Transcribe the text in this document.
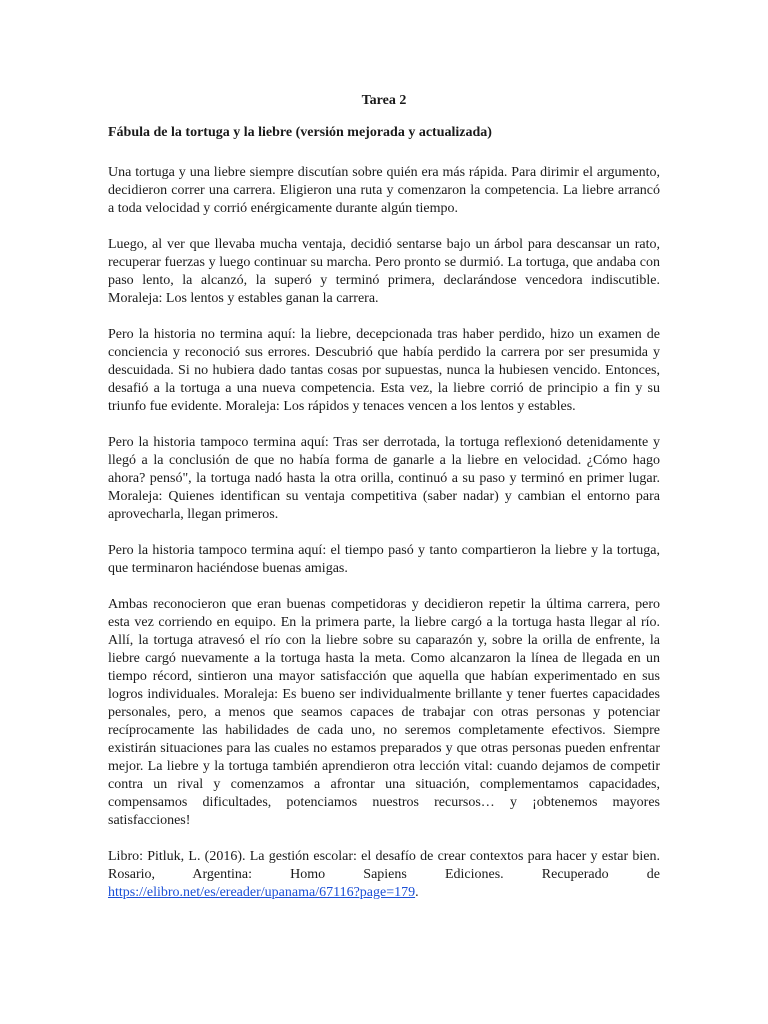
Tarea 2
Fábula de la tortuga y la liebre (versión mejorada y actualizada)

Una tortuga y una liebre siempre discutían sobre quién era más rápida. Para dirimir el argumento, decidieron correr una carrera. Eligieron una ruta y comenzaron la competencia. La liebre arrancó a toda velocidad y corrió enérgicamente durante algún tiempo.

Luego, al ver que llevaba mucha ventaja, decidió sentarse bajo un árbol para descansar un rato, recuperar fuerzas y luego continuar su marcha. Pero pronto se durmió. La tortuga, que andaba con paso lento, la alcanzó, la superó y terminó primera, declarándose vencedora indiscutible. Moraleja: Los lentos y estables ganan la carrera.

Pero la historia no termina aquí: la liebre, decepcionada tras haber perdido, hizo un examen de conciencia y reconoció sus errores. Descubrió que había perdido la carrera por ser presumida y descuidada. Si no hubiera dado tantas cosas por supuestas, nunca la hubiesen vencido. Entonces, desafió a la tortuga a una nueva competencia. Esta vez, la liebre corrió de principio a fin y su triunfo fue evidente. Moraleja: Los rápidos y tenaces vencen a los lentos y estables.

Pero la historia tampoco termina aquí: Tras ser derrotada, la tortuga reflexionó detenidamente y llegó a la conclusión de que no había forma de ganarle a la liebre en velocidad. ¿Cómo hago ahora? pensó", la tortuga nadó hasta la otra orilla, continuó a su paso y terminó en primer lugar. Moraleja: Quienes identifican su ventaja competitiva (saber nadar) y cambian el entorno para aprovecharla, llegan primeros.

Pero la historia tampoco termina aquí: el tiempo pasó y tanto compartieron la liebre y la tortuga, que terminaron haciéndose buenas amigas.

Ambas reconocieron que eran buenas competidoras y decidieron repetir la última carrera, pero esta vez corriendo en equipo. En la primera parte, la liebre cargó a la tortuga hasta llegar al río. Allí, la tortuga atravesó el río con la liebre sobre su caparazón y, sobre la orilla de enfrente, la liebre cargó nuevamente a la tortuga hasta la meta. Como alcanzaron la línea de llegada en un tiempo récord, sintieron una mayor satisfacción que aquella que habían experimentado en sus logros individuales. Moraleja: Es bueno ser individualmente brillante y tener fuertes capacidades personales, pero, a menos que seamos capaces de trabajar con otras personas y potenciar recíprocamente las habilidades de cada uno, no seremos completamente efectivos. Siempre existirán situaciones para las cuales no estamos preparados y que otras personas pueden enfrentar mejor. La liebre y la tortuga también aprendieron otra lección vital: cuando dejamos de competir contra un rival y comenzamos a afrontar una situación, complementamos capacidades, compensamos dificultades, potenciamos nuestros recursos… y ¡obtenemos mayores satisfacciones!

Libro: Pitluk, L. (2016). La gestión escolar: el desafío de crear contextos para hacer y estar bien. Rosario, Argentina: Homo Sapiens Ediciones. Recuperado de https://elibro.net/es/ereader/upanama/67116?page=179.
